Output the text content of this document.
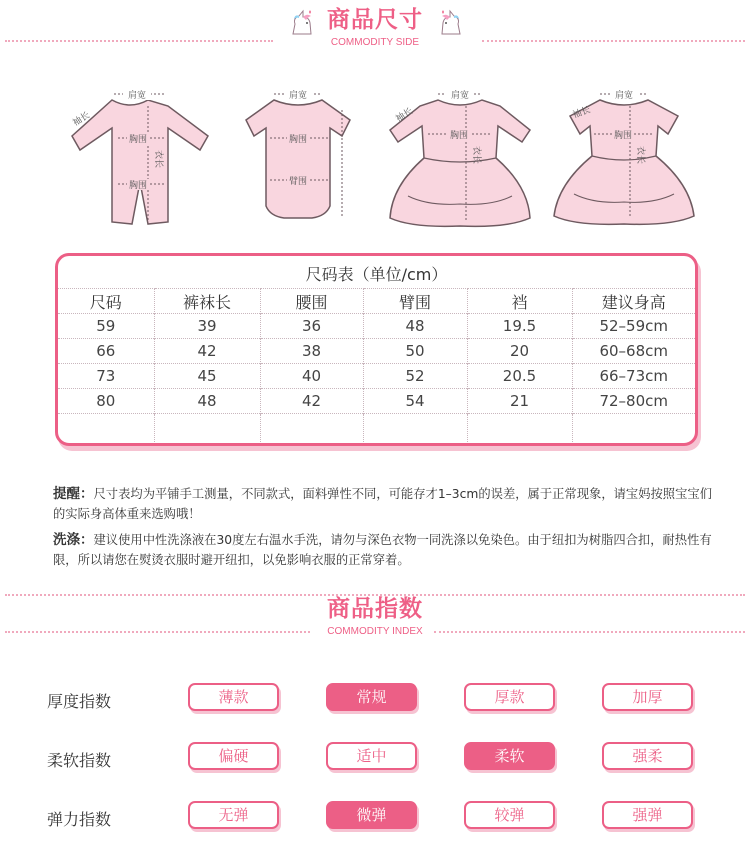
商品尺寸
COMMODITY SIDE
肩宽
胸围
胸围
袖长
衣长
肩宽
胸围
臂围
肩宽
胸围
袖长
衣长
肩宽
胸围
袖长
衣长
尺码表（单位/cm）
尺码	裤袜长	腰围	臂围	裆	建议身高
59	39	36	48	19.5	52–59cm
66	42	38	50	20	60–68cm
73	45	40	52	20.5	66–73cm
80	48	42	54	21	72–80cm

提醒：尺寸表均为平铺手工测量，不同款式，面料弹性不同，可能存才1–3cm的误差，属于正常现象，请宝妈按照宝宝们的实际身高体重来选购哦！
洗涤：建议使用中性洗涤液在30度左右温水手洗，请勿与深色衣物一同洗涤以免染色。由于纽扣为树脂四合扣，耐热性有限，所以请您在熨烫衣服时避开纽扣，以免影响衣服的正常穿着。
商品指数
COMMODITY INDEX
厚度指数	薄款	常规	厚款	加厚
柔软指数	偏硬	适中	柔软	强柔
弹力指数	无弹	微弹	较弹	强弹
